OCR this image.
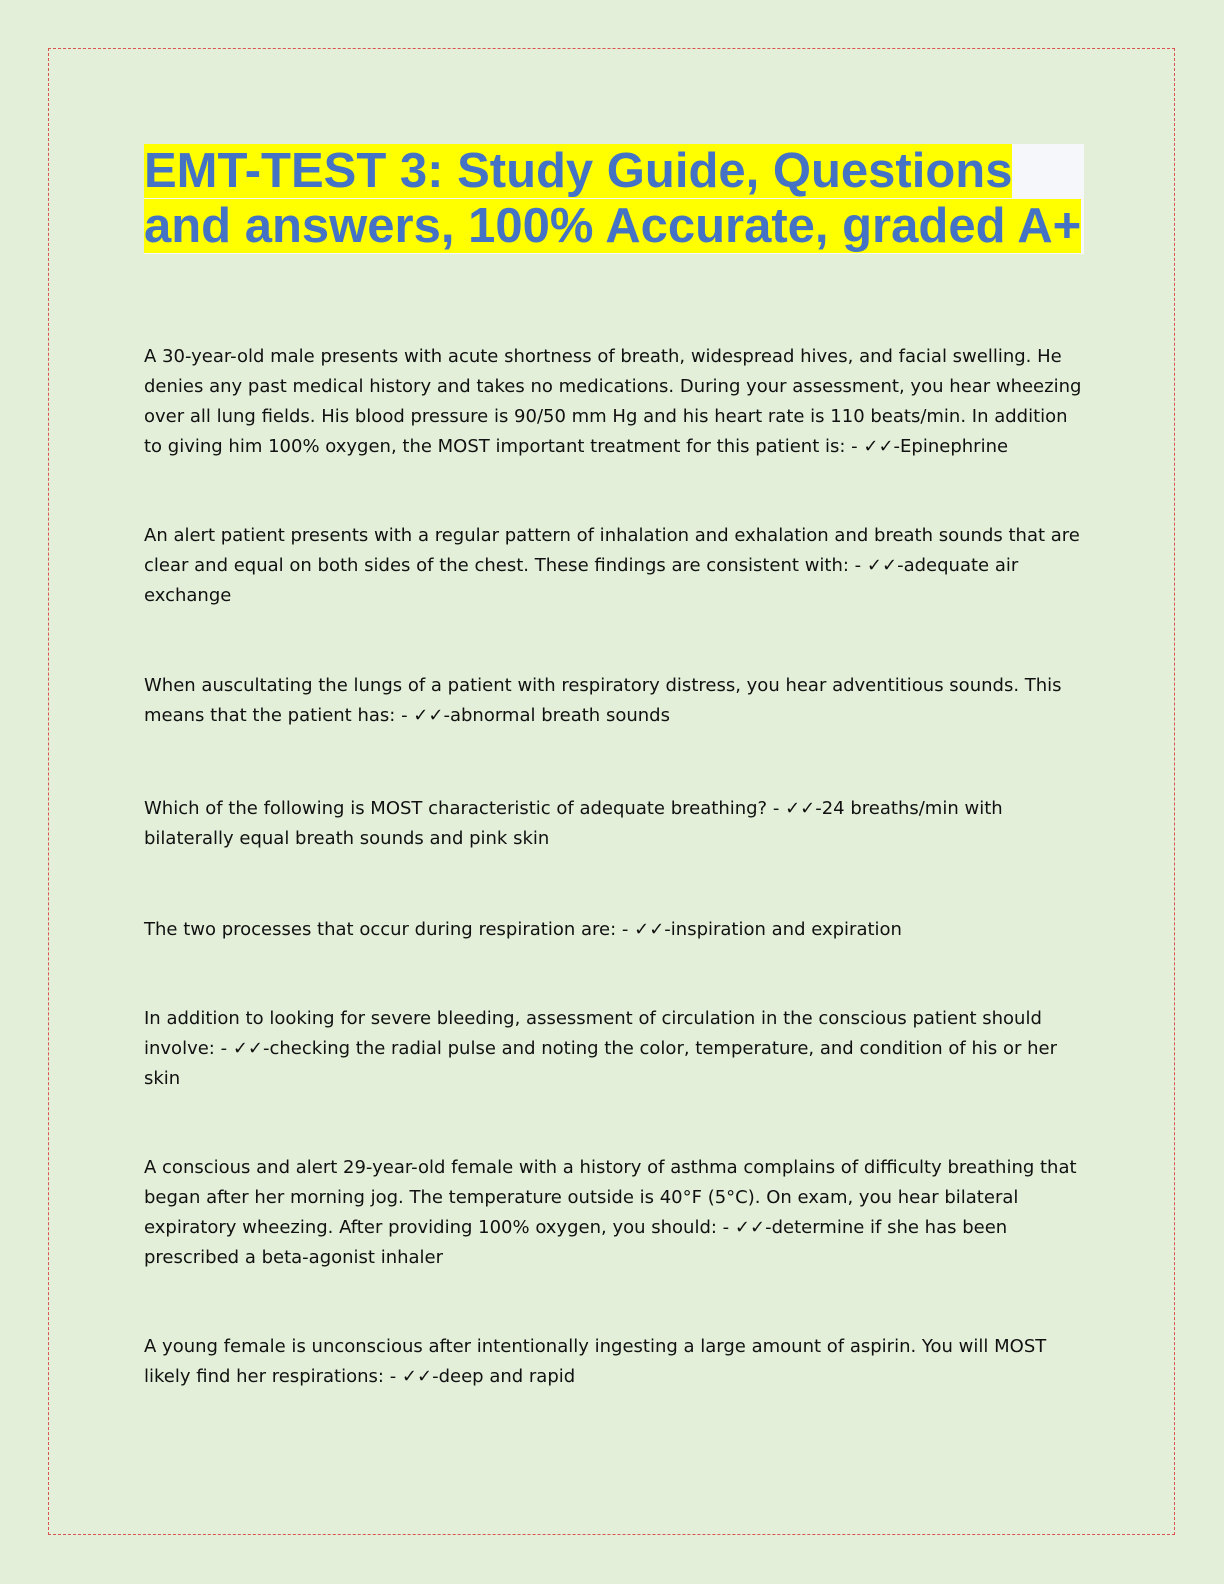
EMT-TEST 3: Study Guide, Questions
and answers, 100% Accurate, graded A+

A 30-year-old male presents with acute shortness of breath, widespread hives, and facial swelling. He denies any past medical history and takes no medications. During your assessment, you hear wheezing over all lung fields. His blood pressure is 90/50 mm Hg and his heart rate is 110 beats/min. In addition to giving him 100% oxygen, the MOST important treatment for this patient is: - ✓✓-Epinephrine

An alert patient presents with a regular pattern of inhalation and exhalation and breath sounds that are clear and equal on both sides of the chest. These findings are consistent with: - ✓✓-adequate air exchange

When auscultating the lungs of a patient with respiratory distress, you hear adventitious sounds. This means that the patient has: - ✓✓-abnormal breath sounds

Which of the following is MOST characteristic of adequate breathing? - ✓✓-24 breaths/min with bilaterally equal breath sounds and pink skin

The two processes that occur during respiration are: - ✓✓-inspiration and expiration

In addition to looking for severe bleeding, assessment of circulation in the conscious patient should involve: - ✓✓-checking the radial pulse and noting the color, temperature, and condition of his or her skin

A conscious and alert 29-year-old female with a history of asthma complains of difficulty breathing that began after her morning jog. The temperature outside is 40°F (5°C). On exam, you hear bilateral expiratory wheezing. After providing 100% oxygen, you should: - ✓✓-determine if she has been prescribed a beta-agonist inhaler

A young female is unconscious after intentionally ingesting a large amount of aspirin. You will MOST likely find her respirations: - ✓✓-deep and rapid
